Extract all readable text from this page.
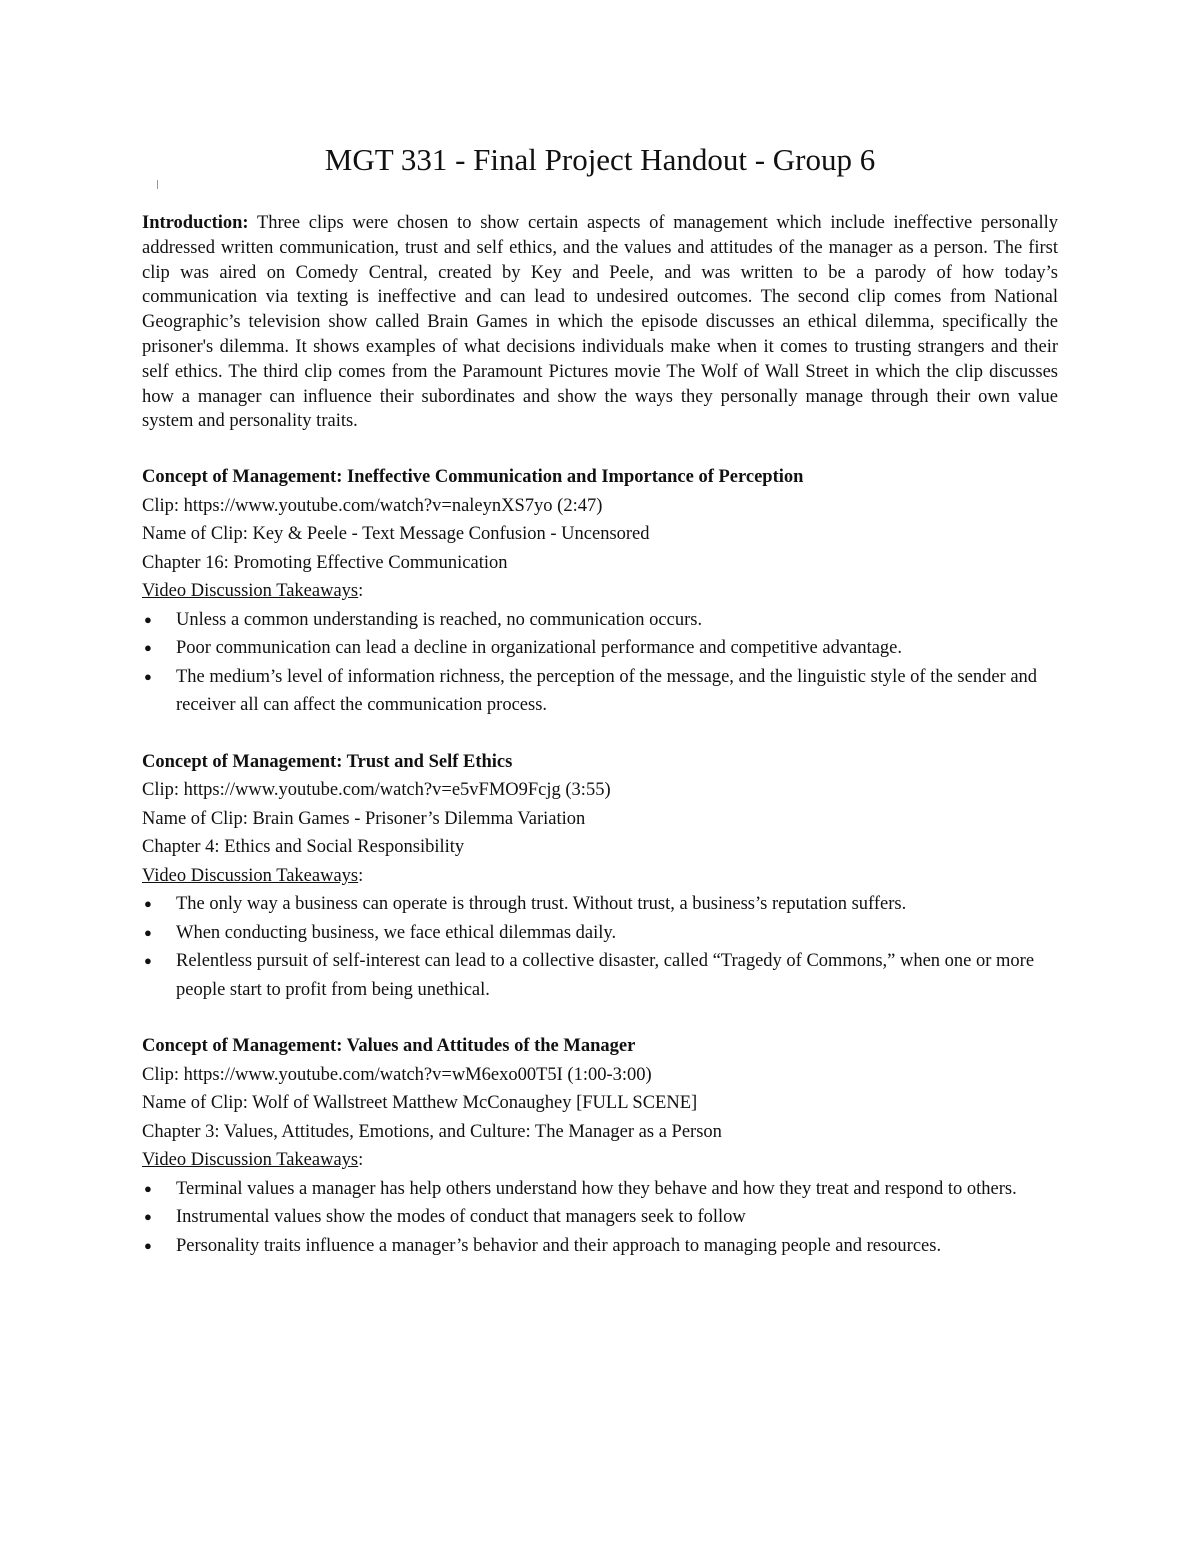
MGT 331 - Final Project Handout - Group 6

Introduction: Three clips were chosen to show certain aspects of management which include ineffective personally addressed written communication, trust and self ethics, and the values and attitudes of the manager as a person. The first clip was aired on Comedy Central, created by Key and Peele, and was written to be a parody of how today’s communication via texting is ineffective and can lead to undesired outcomes. The second clip comes from National Geographic’s television show called Brain Games in which the episode discusses an ethical dilemma, specifically the prisoner's dilemma. It shows examples of what decisions individuals make when it comes to trusting strangers and their self ethics. The third clip comes from the Paramount Pictures movie The Wolf of Wall Street in which the clip discusses how a manager can influence their subordinates and show the ways they personally manage through their own value system and personality traits.

Concept of Management: Ineffective Communication and Importance of Perception

Clip: https://www.youtube.com/watch?v=naleynXS7yo (2:47)

Name of Clip: Key & Peele - Text Message Confusion - Uncensored

Chapter 16: Promoting Effective Communication

Video Discussion Takeaways:

●	Unless a common understanding is reached, no communication occurs.
●	Poor communication can lead a decline in organizational performance and competitive advantage.
●	The medium’s level of information richness, the perception of the message, and the linguistic style of the sender and receiver all can affect the communication process.

Concept of Management: Trust and Self Ethics

Clip: https://www.youtube.com/watch?v=e5vFMO9Fcjg (3:55)

Name of Clip: Brain Games - Prisoner’s Dilemma Variation

Chapter 4: Ethics and Social Responsibility

Video Discussion Takeaways:

●	The only way a business can operate is through trust. Without trust, a business’s reputation suffers.
●	When conducting business, we face ethical dilemmas daily.
●	Relentless pursuit of self-interest can lead to a collective disaster, called “Tragedy of Commons,” when one or more people start to profit from being unethical.

Concept of Management: Values and Attitudes of the Manager

Clip: https://www.youtube.com/watch?v=wM6exo00T5I (1:00-3:00)

Name of Clip: Wolf of Wallstreet Matthew McConaughey [FULL SCENE]

Chapter 3: Values, Attitudes, Emotions, and Culture: The Manager as a Person

Video Discussion Takeaways:

●	Terminal values a manager has help others understand how they behave and how they treat and respond to others.
●	Instrumental values show the modes of conduct that managers seek to follow
●	Personality traits influence a manager’s behavior and their approach to managing people and resources.
